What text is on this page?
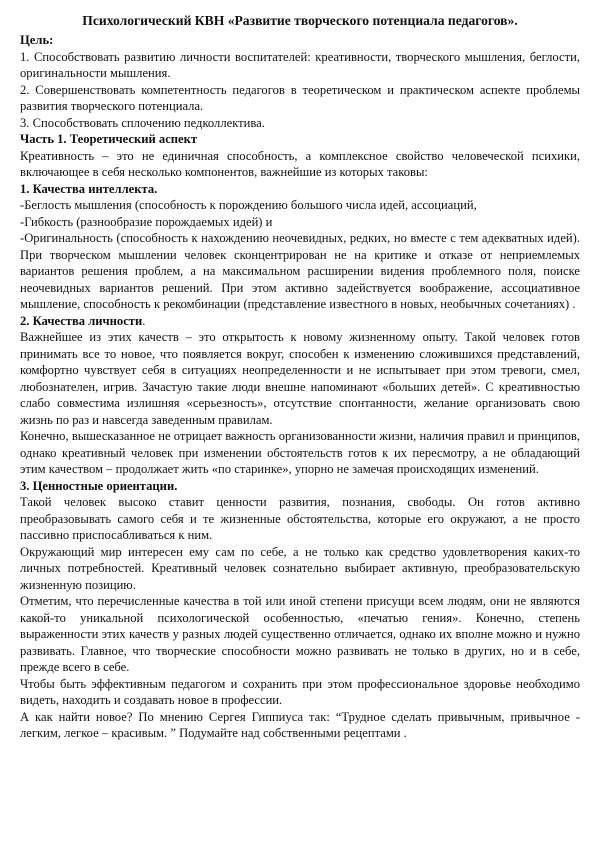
Психологический КВН «Развитие творческого потенциала педагогов».
Цель:
1. Способствовать развитию личности воспитателей: креативности, творческого мышления, беглости, оригинальности мышления.
2. Совершенствовать компетентность педагогов в теоретическом и практическом аспекте проблемы развития творческого потенциала.
3. Способствовать сплочению педколлектива.
Часть 1. Теоретический аспект
Креативность – это не единичная способность, а комплексное свойство человеческой психики, включающее в себя несколько компонентов, важнейшие из которых таковы:
1. Качества интеллекта.
-Беглость мышления (способность к порождению большого числа идей, ассоциаций,
-Гибкость (разнообразие порождаемых идей) и
-Оригинальность (способность к нахождению неочевидных, редких, но вместе с тем адекватных идей). При творческом мышлении человек сконцентрирован не на критике и отказе от неприемлемых вариантов решения проблем, а на максимальном расширении видения проблемного поля, поиске неочевидных вариантов решений. При этом активно задействуется воображение, ассоциативное мышление, способность к рекомбинации (представление известного в новых, необычных сочетаниях) .
2. Качества личности.
Важнейшее из этих качеств – это открытость к новому жизненному опыту. Такой человек готов принимать все то новое, что появляется вокруг, способен к изменению сложившихся представлений, комфортно чувствует себя в ситуациях неопределенности и не испытывает при этом тревоги, смел, любознателен, игрив. Зачастую такие люди внешне напоминают «больших детей». С креативностью слабо совместима излишняя «серьезность», отсутствие спонтанности, желание организовать свою жизнь по раз и навсегда заведенным правилам.
Конечно, вышесказанное не отрицает важность организованности жизни, наличия правил и принципов, однако креативный человек при изменении обстоятельств готов к их пересмотру, а не обладающий этим качеством – продолжает жить «по старинке», упорно не замечая происходящих изменений.
3. Ценностные ориентации.
Такой человек высоко ставит ценности развития, познания, свободы. Он готов активно преобразовывать самого себя и те жизненные обстоятельства, которые его окружают, а не просто пассивно приспосабливаться к ним.
Окружающий мир интересен ему сам по себе, а не только как средство удовлетворения каких-то личных потребностей. Креативный человек сознательно выбирает активную, преобразовательскую жизненную позицию.
Отметим, что перечисленные качества в той или иной степени присущи всем людям, они не являются какой-то уникальной психологической особенностью, «печатью гения». Конечно, степень выраженности этих качеств у разных людей существенно отличается, однако их вполне можно и нужно развивать. Главное, что творческие способности можно развивать не только в других, но и в себе, прежде всего в себе.
Чтобы быть эффективным педагогом и сохранить при этом профессиональное здоровье необходимо видеть, находить и создавать новое в профессии.
А как найти новое? По мнению Сергея Гиппиуса так: “Трудное сделать привычным, привычное - легким, легкое – красивым. ” Подумайте над собственными рецептами .
